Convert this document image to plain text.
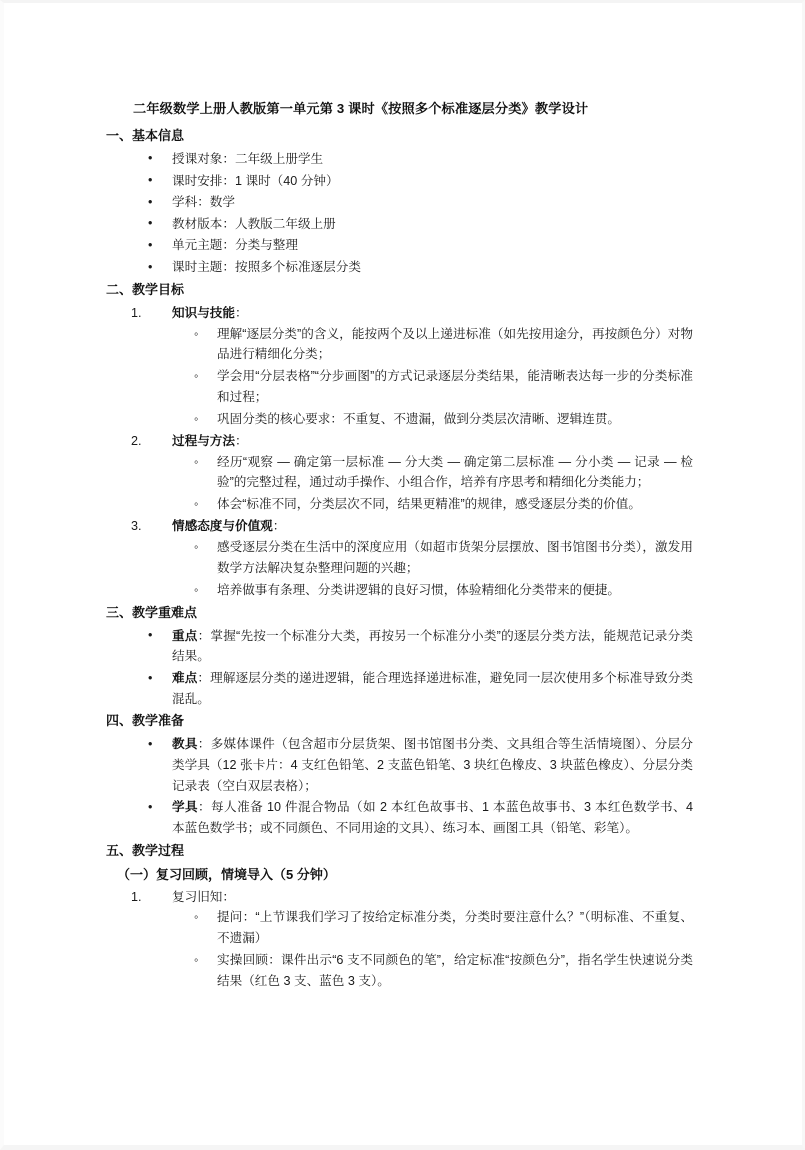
二年级数学上册人教版第一单元第 3 课时《按照多个标准逐层分类》教学设计
一、基本信息
• 授课对象：二年级上册学生
• 课时安排：1 课时（40 分钟）
• 学科：数学
• 教材版本：人教版二年级上册
• 单元主题：分类与整理
• 课时主题：按照多个标准逐层分类
二、教学目标
知识与技能：
◦ 理解“逐层分类”的含义，能按两个及以上递进标准（如先按用途分，再按颜色分）对物品进行精细化分类；
◦ 学会用“分层表格”“分步画图”的方式记录逐层分类结果，能清晰表达每一步的分类标准和过程；
◦ 巩固分类的核心要求：不重复、不遗漏，做到分类层次清晰、逻辑连贯。
过程与方法：
◦ 经历“观察 — 确定第一层标准 — 分大类 — 确定第二层标准 — 分小类 — 记录 — 检验”的完整过程，通过动手操作、小组合作，培养有序思考和精细化分类能力；
◦ 体会“标准不同，分类层次不同，结果更精准”的规律，感受逐层分类的价值。
情感态度与价值观：
◦ 感受逐层分类在生活中的深度应用（如超市货架分层摆放、图书馆图书分类），激发用数学方法解决复杂整理问题的兴趣；
◦ 培养做事有条理、分类讲逻辑的良好习惯，体验精细化分类带来的便捷。
三、教学重难点
• 重点：掌握“先按一个标准分大类，再按另一个标准分小类”的逐层分类方法，能规范记录分类结果。
• 难点：理解逐层分类的递进逻辑，能合理选择递进标准，避免同一层次使用多个标准导致分类混乱。
四、教学准备
• 教具：多媒体课件（包含超市分层货架、图书馆图书分类、文具组合等生活情境图）、分层分类学具（12 张卡片：4 支红色铅笔、2 支蓝色铅笔、3 块红色橡皮、3 块蓝色橡皮）、分层分类记录表（空白双层表格）；
• 学具：每人准备 10 件混合物品（如 2 本红色故事书、1 本蓝色故事书、3 本红色数学书、4　本蓝色数学书；或不同颜色、不同用途的文具）、练习本、画图工具（铅笔、彩笔）。
五、教学过程
（一）复习回顾，情境导入（5 分钟）
复习旧知：
◦ 提问：“上节课我们学习了按给定标准分类，分类时要注意什么？”（明标准、不重复、不遗漏）
◦ 实操回顾：课件出示“6 支不同颜色的笔”，给定标准“按颜色分”，指名学生快速说分类结果（红色 3 支、蓝色 3 支）。
